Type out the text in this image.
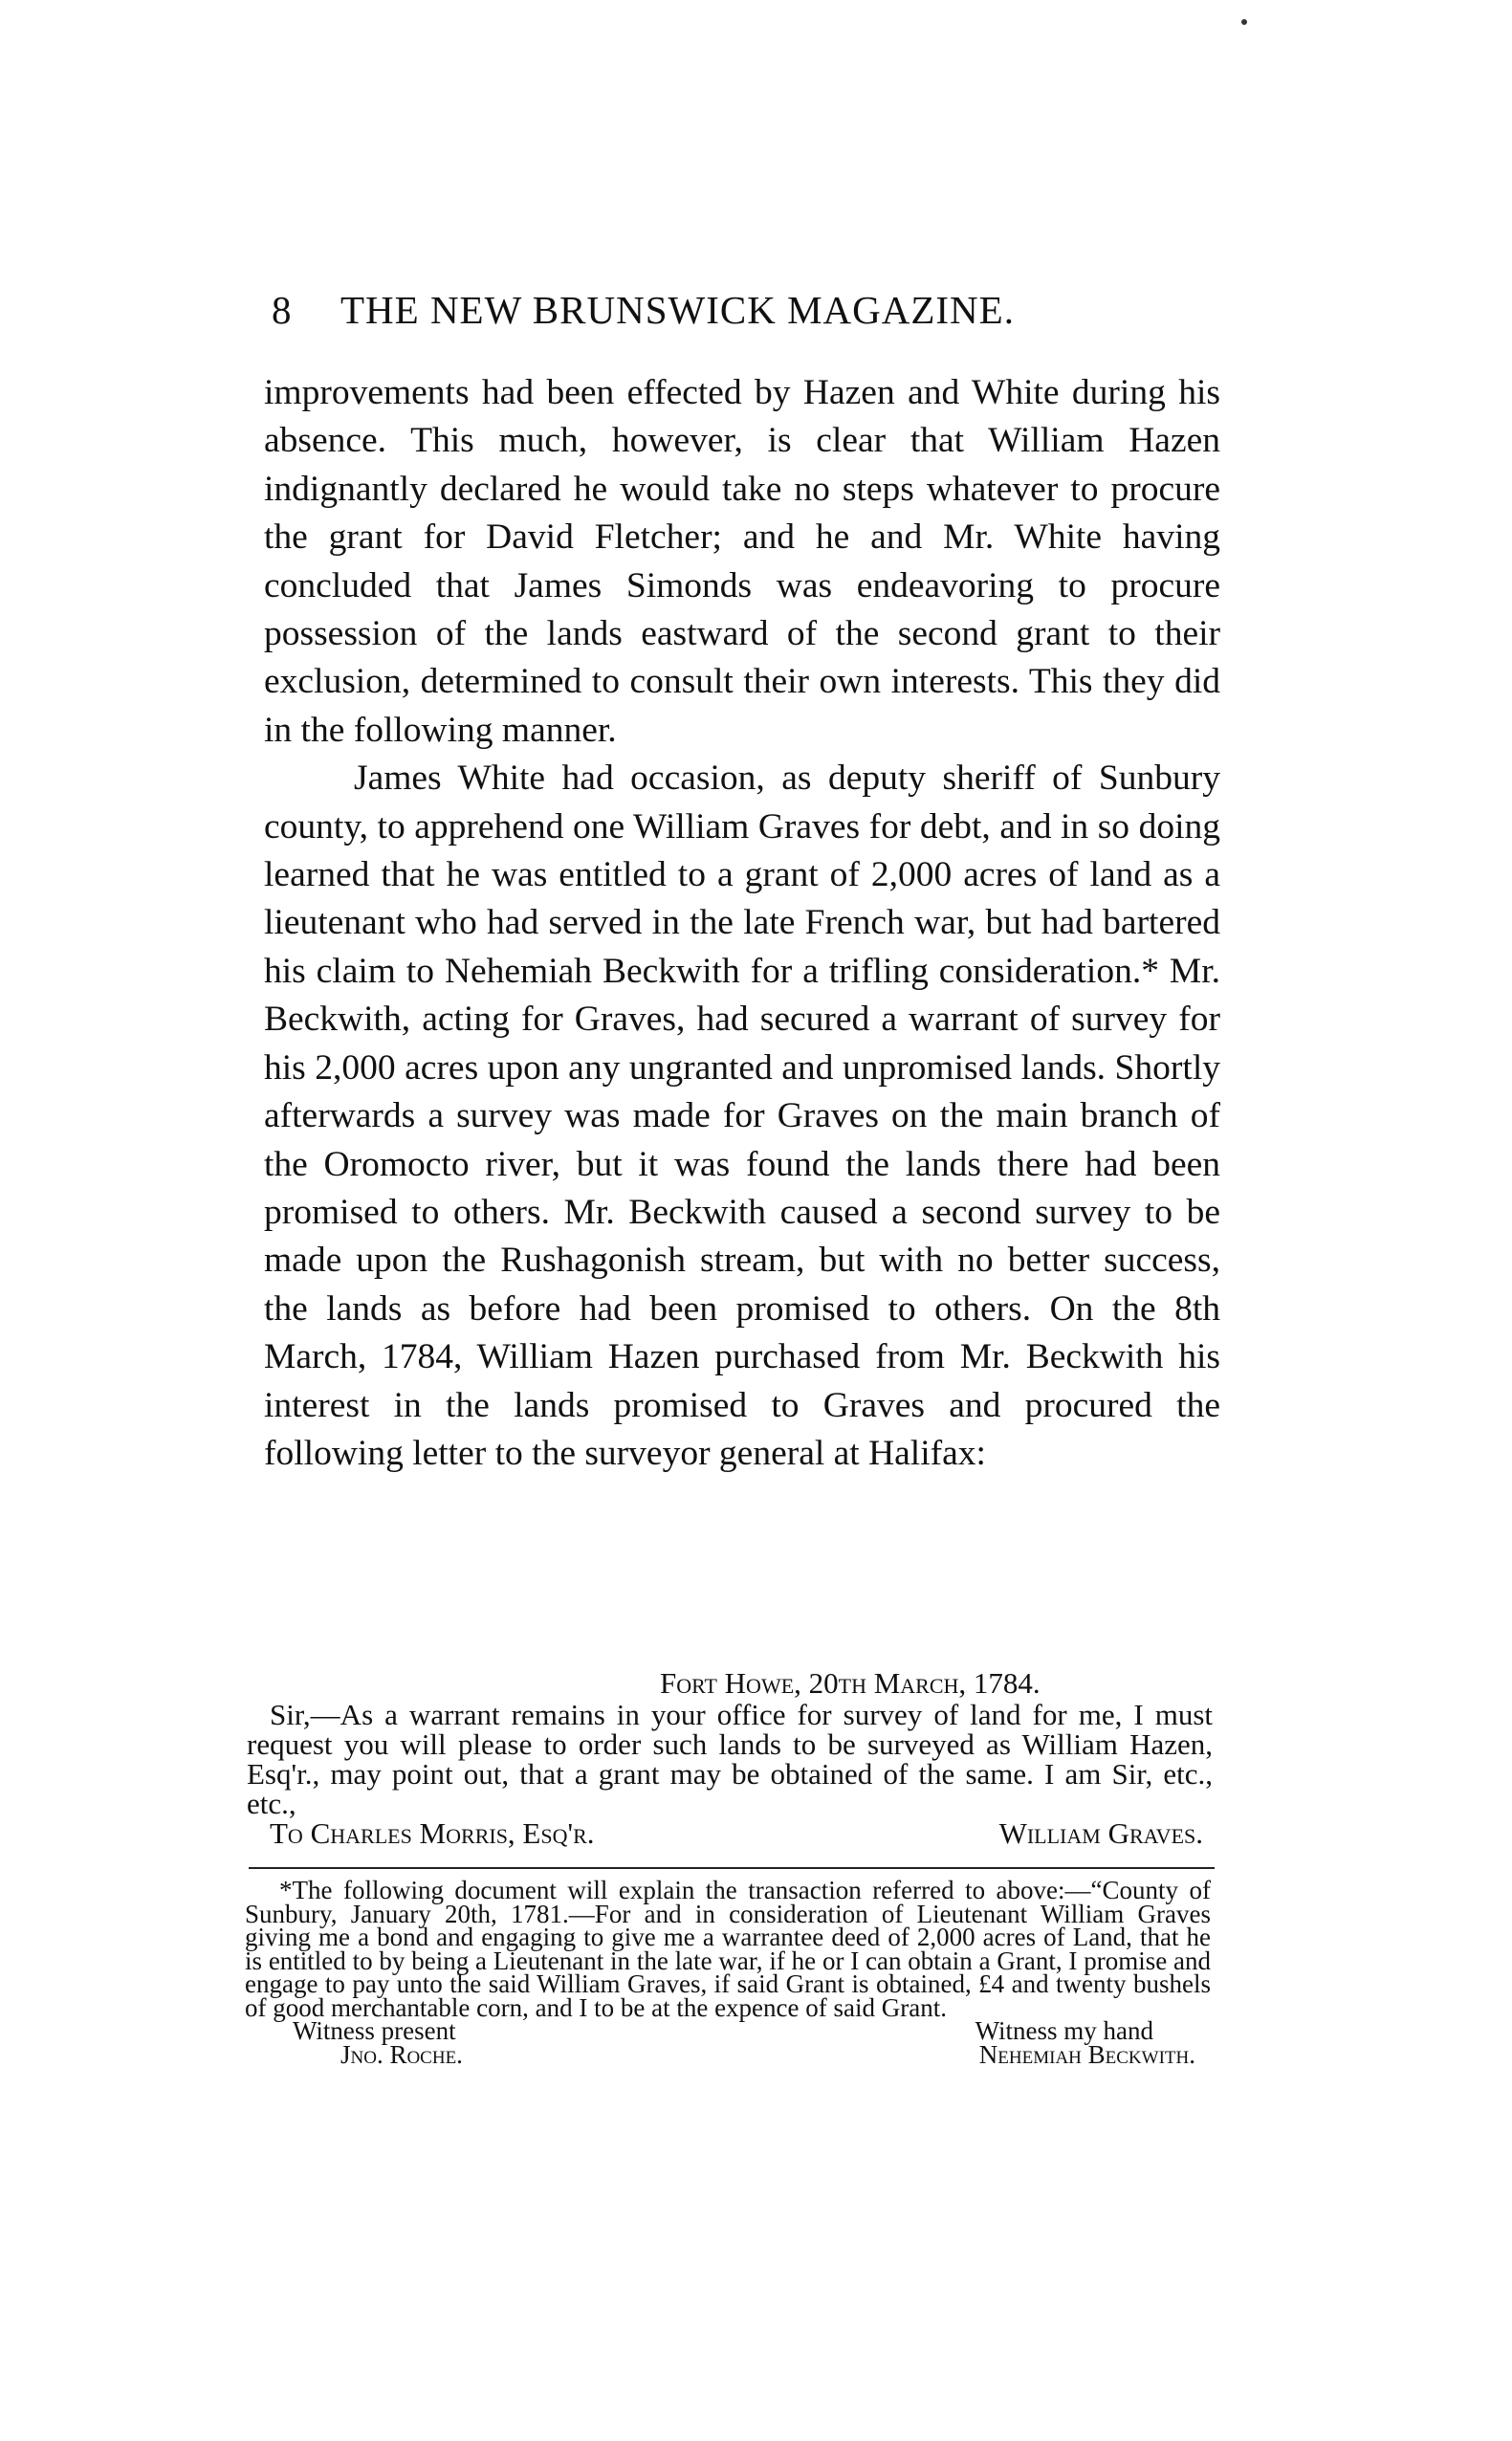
8 THE NEW BRUNSWICK MAGAZINE.

improvements had been effected by Hazen and White during his absence. This much, however, is clear that William Hazen indignantly declared he would take no steps whatever to procure the grant for David Fletcher; and he and Mr. White having concluded that James Simonds was endeavoring to procure possession of the lands eastward of the second grant to their exclusion, determined to consult their own interests. This they did in the following manner.

James White had occasion, as deputy sheriff of Sunbury county, to apprehend one William Graves for debt, and in so doing learned that he was entitled to a grant of 2,000 acres of land as a lieutenant who had served in the late French war, but had bartered his claim to Nehemiah Beckwith for a trifling consideration.* Mr. Beckwith, acting for Graves, had secured a warrant of survey for his 2,000 acres upon any ungranted and unpromised lands. Shortly afterwards a survey was made for Graves on the main branch of the Oromocto river, but it was found the lands there had been promised to others. Mr. Beckwith caused a second survey to be made upon the Rushagonish stream, but with no better success, the lands as before had been promised to others. On the 8th March, 1784, William Hazen purchased from Mr. Beckwith his interest in the lands promised to Graves and procured the following letter to the surveyor general at Halifax:

Fort Howe, 20th March, 1784.

Sir,—As a warrant remains in your office for survey of land for me, I must request you will please to order such lands to be surveyed as William Hazen, Esq'r., may point out, that a grant may be obtained of the same. I am Sir, etc., etc.,

To Charles Morris, Esq'r.	William Graves.

*The following document will explain the transaction referred to above:—“County of Sunbury, January 20th, 1781.—For and in consideration of Lieutenant William Graves giving me a bond and engaging to give me a warrantee deed of 2,000 acres of Land, that he is entitled to by being a Lieutenant in the late war, if he or I can obtain a Grant, I promise and engage to pay unto the said William Graves, if said Grant is obtained, £4 and twenty bushels of good merchantable corn, and I to be at the expence of said Grant.

Witness present	Witness my hand
Jno. Roche.	Nehemiah Beckwith.
